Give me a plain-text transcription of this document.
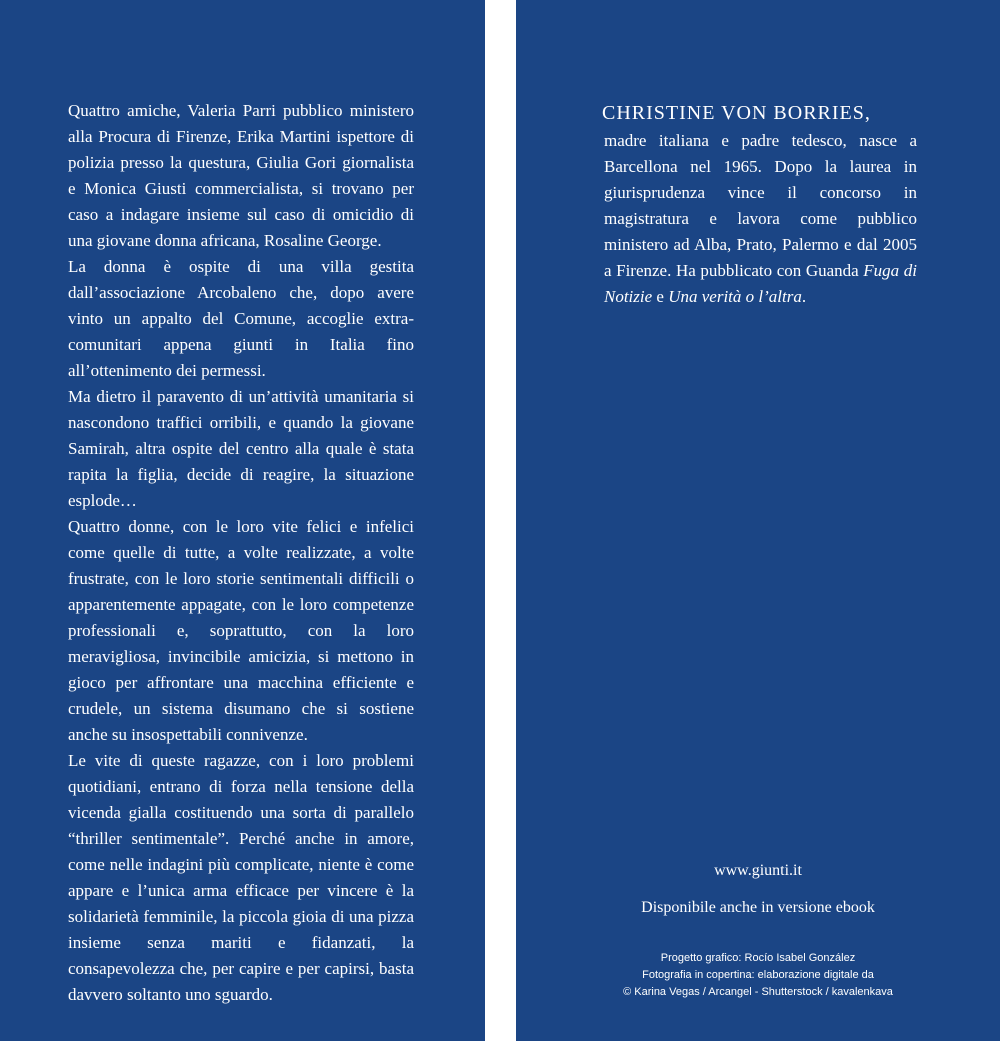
Quattro amiche, Valeria Parri pubblico ministero alla Procura di Firenze, Erika Martini ispettore di polizia presso la questura, Giulia Gori giornalista e Monica Giusti commercialista, si trovano per caso a indagare insieme sul caso di omicidio di una giovane donna africana, Rosaline George.

La donna è ospite di una villa gestita dall’associazione Arcobaleno che, dopo avere vinto un appalto del Comune, accoglie extra-comunitari appena giunti in Italia fino all’ottenimento dei permessi.

Ma dietro il paravento di un’attività umanitaria si nascondono traffici orribili, e quando la giovane Samirah, altra ospite del centro alla quale è stata rapita la figlia, decide di reagire, la situazione esplode…

Quattro donne, con le loro vite felici e infelici come quelle di tutte, a volte realizzate, a volte frustrate, con le loro storie sentimentali difficili o apparentemente appagate, con le loro competenze professionali e, soprattutto, con la loro meravigliosa, invincibile amicizia, si mettono in gioco per affrontare una macchina efficiente e crudele, un sistema disumano che si sostiene anche su insospettabili connivenze.

Le vite di queste ragazze, con i loro problemi quotidiani, entrano di forza nella tensione della vicenda gialla costituendo una sorta di parallelo “thriller sentimentale”. Perché anche in amore, come nelle indagini più complicate, niente è come appare e l’unica arma efficace per vincere è la solidarietà femminile, la piccola gioia di una pizza insieme senza mariti e fidanzati, la consapevolezza che, per capire e per capirsi, basta davvero soltanto uno sguardo.

CHRISTINE VON BORRIES,
madre italiana e padre tedesco, nasce a Barcellona nel 1965. Dopo la laurea in giurisprudenza vince il concorso in magistratura e lavora come pubblico ministero ad Alba, Prato, Palermo e dal 2005 a Firenze. Ha pubblicato con Guanda Fuga di Notizie e Una verità o l’altra.
www.giunti.it
Disponibile anche in versione ebook
Progetto grafico: Rocío Isabel González
Fotografia in copertina: elaborazione digitale da
© Karina Vegas / Arcangel - Shutterstock / kavalenkava
